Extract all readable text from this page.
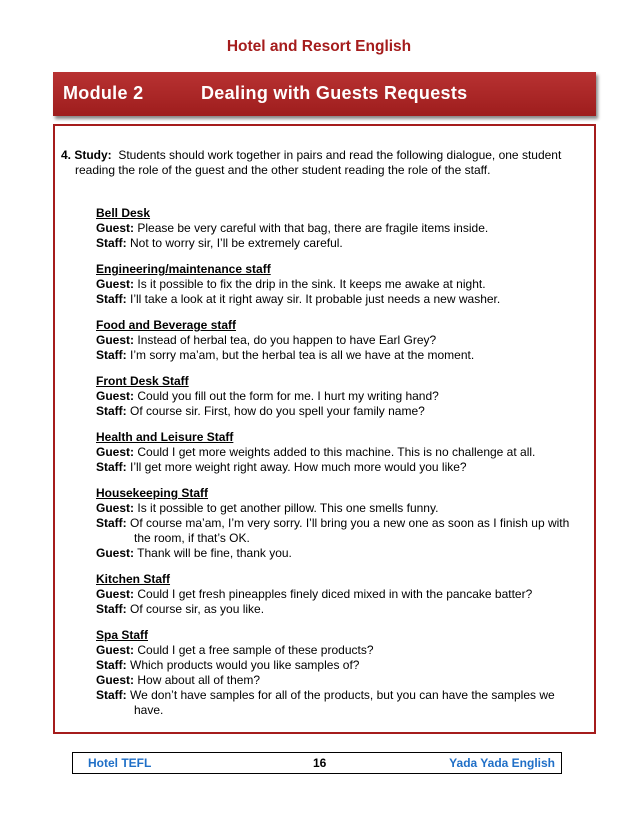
Hotel and Resort English
Module 2	Dealing with Guests Requests
4. Study: Students should work together in pairs and read the following dialogue, one student reading the role of the guest and the other student reading the role of the staff.
Bell Desk
Guest: Please be very careful with that bag, there are fragile items inside.
Staff: Not to worry sir, I’ll be extremely careful.
Engineering/maintenance staff
Guest: Is it possible to fix the drip in the sink. It keeps me awake at night.
Staff: I’ll take a look at it right away sir. It probable just needs a new washer.
Food and Beverage staff
Guest: Instead of herbal tea, do you happen to have Earl Grey?
Staff: I’m sorry ma’am, but the herbal tea is all we have at the moment.
Front Desk Staff
Guest: Could you fill out the form for me. I hurt my writing hand?
Staff: Of course sir. First, how do you spell your family name?
Health and Leisure Staff
Guest: Could I get more weights added to this machine. This is no challenge at all.
Staff: I’ll get more weight right away. How much more would you like?
Housekeeping Staff
Guest: Is it possible to get another pillow. This one smells funny.
Staff: Of course ma’am, I’m very sorry. I’ll bring you a new one as soon as I finish up with the room, if that’s OK.
Guest: Thank will be fine, thank you.
Kitchen Staff
Guest: Could I get fresh pineapples finely diced mixed in with the pancake batter?
Staff: Of course sir, as you like.
Spa Staff
Guest: Could I get a free sample of these products?
Staff: Which products would you like samples of?
Guest: How about all of them?
Staff: We don’t have samples for all of the products, but you can have the samples we have.
Hotel TEFL	16	Yada Yada English
